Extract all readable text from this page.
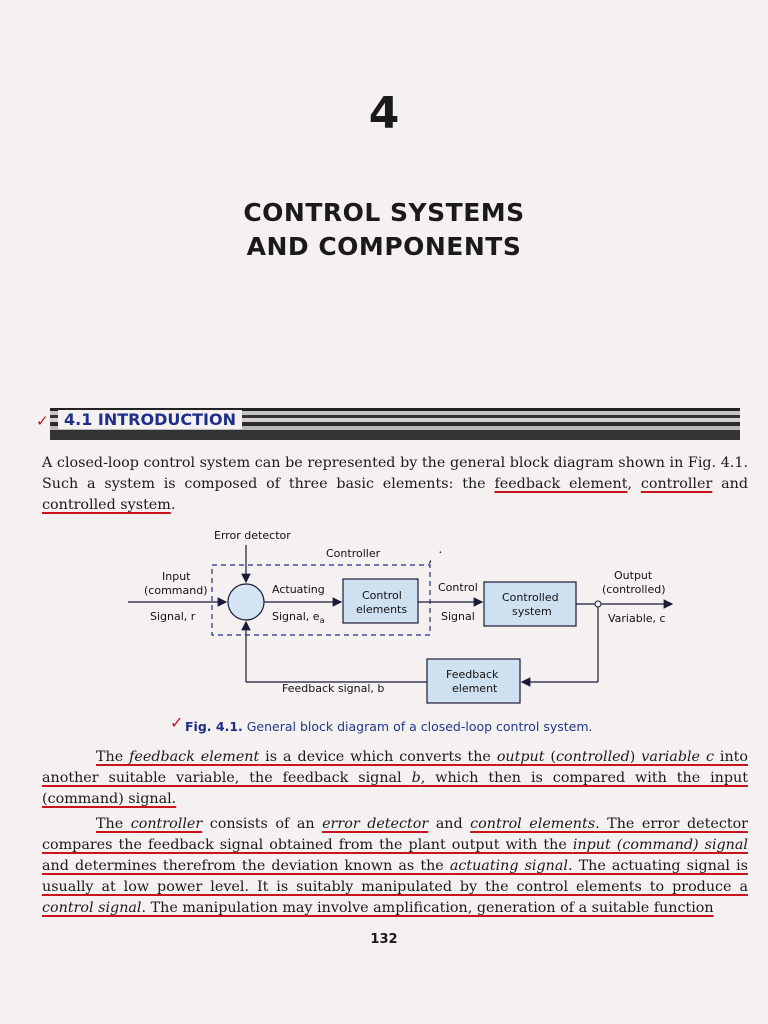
4
CONTROL SYSTEMS
AND COMPONENTS
✓ 4.1 INTRODUCTION

A closed-loop control system can be represented by the general block diagram shown in Fig. 4.1. Such a system is composed of three basic elements: the feedback element, controller and controlled system.

Error detector
Controller	‚ ˙
Input
(command)
Signal, r
Actuating
Signal, $e_a$
Control
elements
Control
Signal
Controlled
system
Output
(controlled)
Variable, c
Feedback
element
Feedback signal, b
✓ Fig. 4.1. General block diagram of a closed-loop control system.

The feedback element is a device which converts the output (controlled) variable c into another suitable variable, the feedback signal b, which then is compared with the input (command) signal.

The controller consists of an error detector and control elements. The error detector compares the feedback signal obtained from the plant output with the input (command) signal and determines therefrom the deviation known as the actuating signal. The actuating signal is usually at low power level. It is suitably manipulated by the control elements to produce a control signal. The manipulation may involve amplification, generation of a suitable function

132
